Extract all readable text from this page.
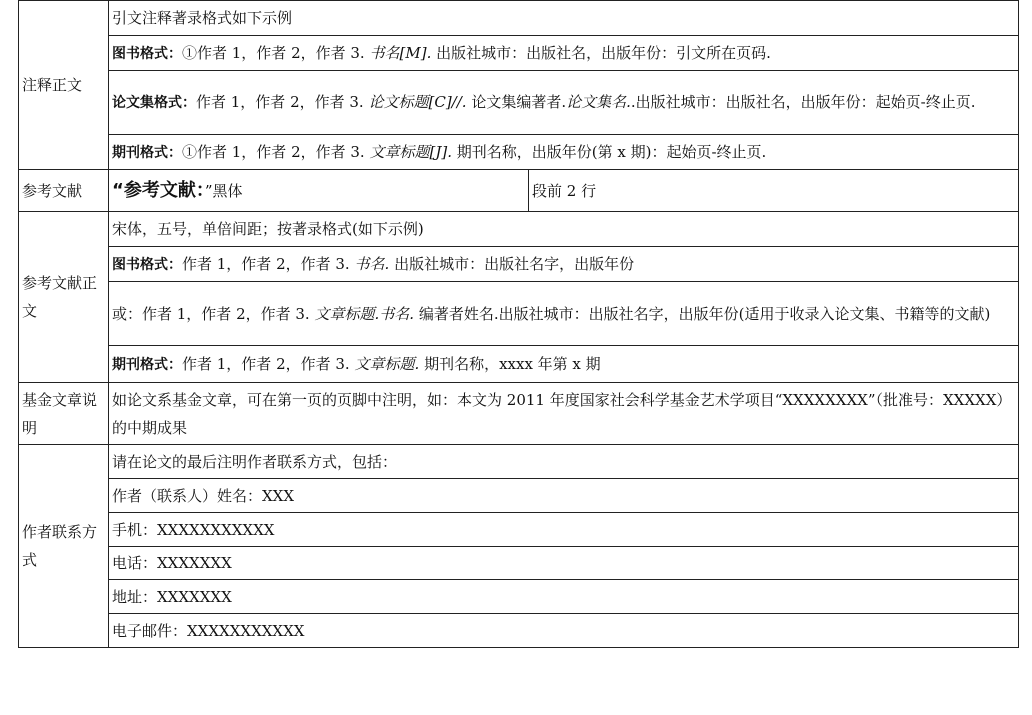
注释正文	引文注释著录格式如下示例	
	图书格式：①作者 1，作者 2，作者 3. 书名[M]. 出版社城市：出版社名，出版年份：引文所在页码.	
	论文集格式：作者 1，作者 2，作者 3. 论文标题[C]//. 论文集编著者.论文集名..出版社城市：出版社名，出版年份：起始页-终止页.	
	期刊格式：①作者 1，作者 2，作者 3. 文章标题[J]. 期刊名称，出版年份(第 x 期)：起始页-终止页.	
参考文献	“参考文献：”黑体	段前 2 行
参考文献正文	宋体，五号，单倍间距；按著录格式(如下示例)	
	图书格式：作者 1，作者 2，作者 3. 书名. 出版社城市：出版社名字，出版年份	
	或：作者 1，作者 2，作者 3. 文章标题.书名. 编著者姓名.出版社城市：出版社名字，出版年份(适用于收录入论文集、书籍等的文献)	
	期刊格式：作者 1，作者 2，作者 3. 文章标题. 期刊名称，xxxx 年第 x 期	
基金文章说明	如论文系基金文章，可在第一页的页脚中注明，如：本文为 2011 年度国家社会科学基金艺术学项目“XXXXXXXX”（批准号：XXXXX）的中期成果	
作者联系方式	请在论文的最后注明作者联系方式，包括：	
	作者（联系人）姓名：XXX	
	手机：XXXXXXXXXXX	
	电话：XXXXXXX	
	地址：XXXXXXX	
	电子邮件：XXXXXXXXXXX	
